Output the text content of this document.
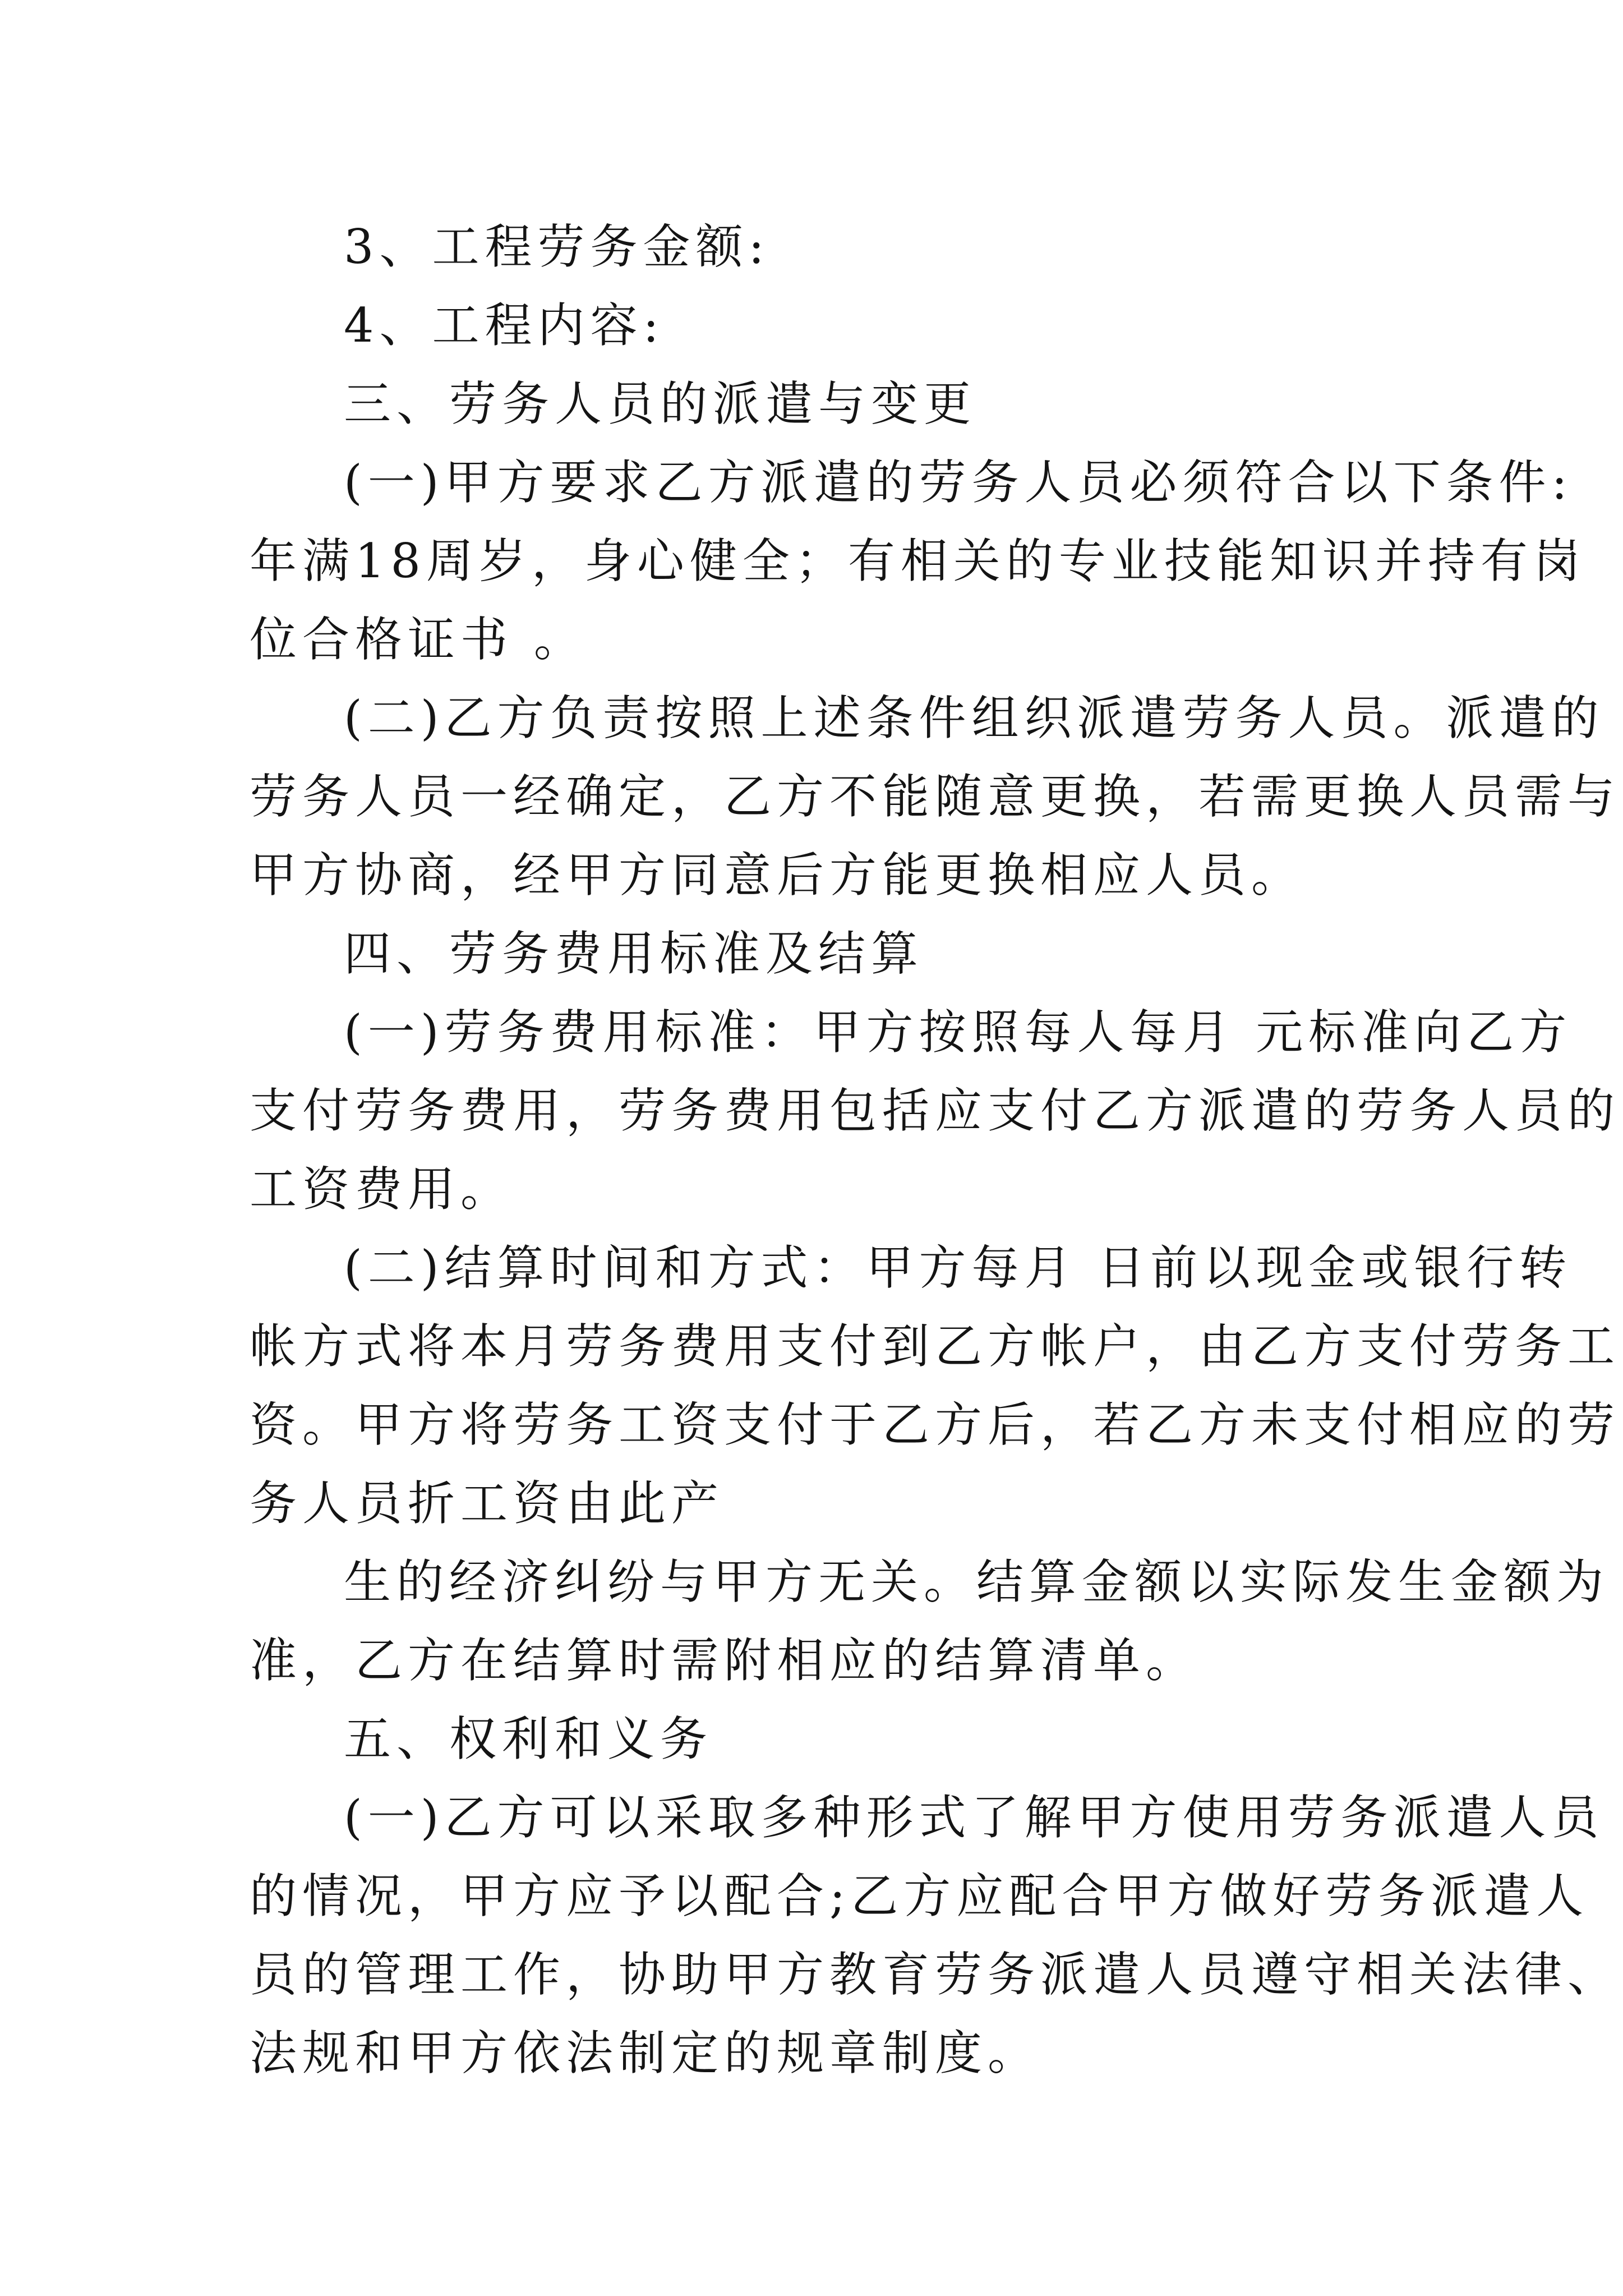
3、工程劳务金额:
4、工程内容:
三、劳务人员的派遣与变更
(一)甲方要求乙方派遣的劳务人员必须符合以下条件:
年满18周岁，身心健全；有相关的专业技能知识并持有岗
位合格证书 。
(二)乙方负责按照上述条件组织派遣劳务人员。派遣的
劳务人员一经确定，乙方不能随意更换，若需更换人员需与
甲方协商，经甲方同意后方能更换相应人员。
四、劳务费用标准及结算
(一)劳务费用标准：甲方按照每人每月 元标准向乙方
支付劳务费用，劳务费用包括应支付乙方派遣的劳务人员的
工资费用。
(二)结算时间和方式：甲方每月 日前以现金或银行转
帐方式将本月劳务费用支付到乙方帐户，由乙方支付劳务工
资。甲方将劳务工资支付于乙方后，若乙方未支付相应的劳
务人员折工资由此产
生的经济纠纷与甲方无关。结算金额以实际发生金额为
准，乙方在结算时需附相应的结算清单。
五、权利和义务
(一)乙方可以采取多种形式了解甲方使用劳务派遣人员
的情况，甲方应予以配合;乙方应配合甲方做好劳务派遣人
员的管理工作，协助甲方教育劳务派遣人员遵守相关法律、
法规和甲方依法制定的规章制度。
